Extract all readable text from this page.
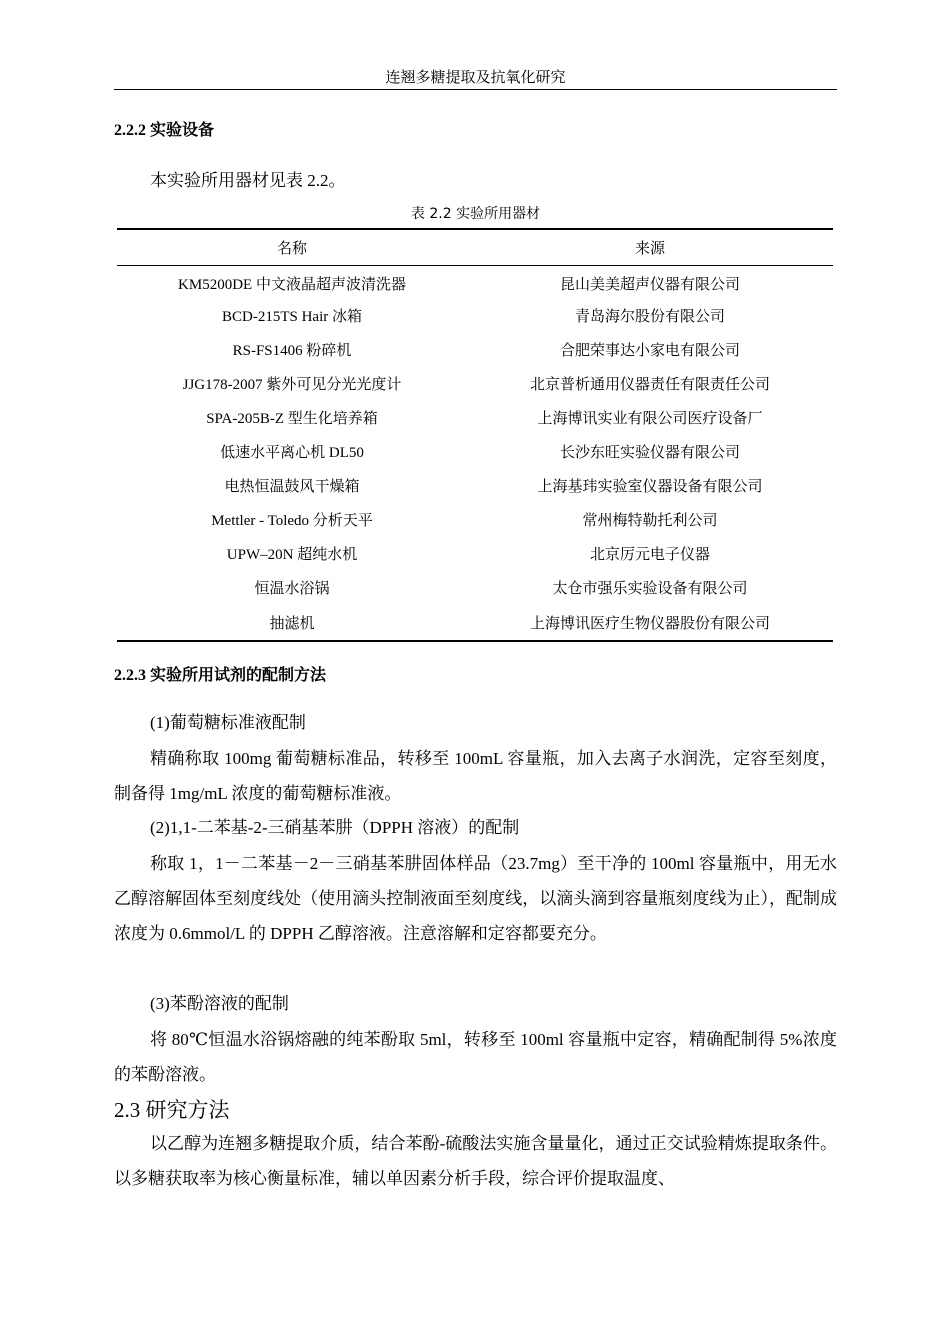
连翘多糖提取及抗氧化研究
2.2.2 实验设备
本实验所用器材见表 2.2。
表 2.2 实验所用器材
名称	来源
KM5200DE 中文液晶超声波清洗器	昆山美美超声仪器有限公司
BCD-215TS Hair 冰箱	青岛海尔股份有限公司
RS-FS1406 粉碎机	合肥荣事达小家电有限公司
JJG178-2007 紫外可见分光光度计	北京普析通用仪器责任有限责任公司
SPA-205B-Z 型生化培养箱	上海博讯实业有限公司医疗设备厂
低速水平离心机 DL50	长沙东旺实验仪器有限公司
电热恒温鼓风干燥箱	上海基玮实验室仪器设备有限公司
Mettler - Toledo 分析天平	常州梅特勒托利公司
UPW–20N 超纯水机	北京厉元电子仪器
恒温水浴锅	太仓市强乐实验设备有限公司
抽滤机	上海博讯医疗生物仪器股份有限公司
2.2.3 实验所用试剂的配制方法
(1)葡萄糖标准液配制
精确称取 100mg 葡萄糖标准品，转移至 100mL 容量瓶，加入去离子水润洗，定容至刻度，制备得 1mg/mL 浓度的葡萄糖标准液。
(2)1,1-二苯基-2-三硝基苯肼（DPPH 溶液）的配制
称取 1，1－二苯基－2－三硝基苯肼固体样品（23.7mg）至干净的 100ml 容量瓶中，用无水乙醇溶解固体至刻度线处（使用滴头控制液面至刻度线，以滴头滴到容量瓶刻度线为止），配制成浓度为 0.6mmol/L 的 DPPH 乙醇溶液。注意溶解和定容都要充分。
(3)苯酚溶液的配制
将 80℃恒温水浴锅熔融的纯苯酚取 5ml，转移至 100ml 容量瓶中定容，精确配制得 5%浓度的苯酚溶液。
2.3 研究方法
以乙醇为连翘多糖提取介质，结合苯酚-硫酸法实施含量量化，通过正交试验精炼提取条件。以多糖获取率为核心衡量标准，辅以单因素分析手段，综合评价提取温度、
